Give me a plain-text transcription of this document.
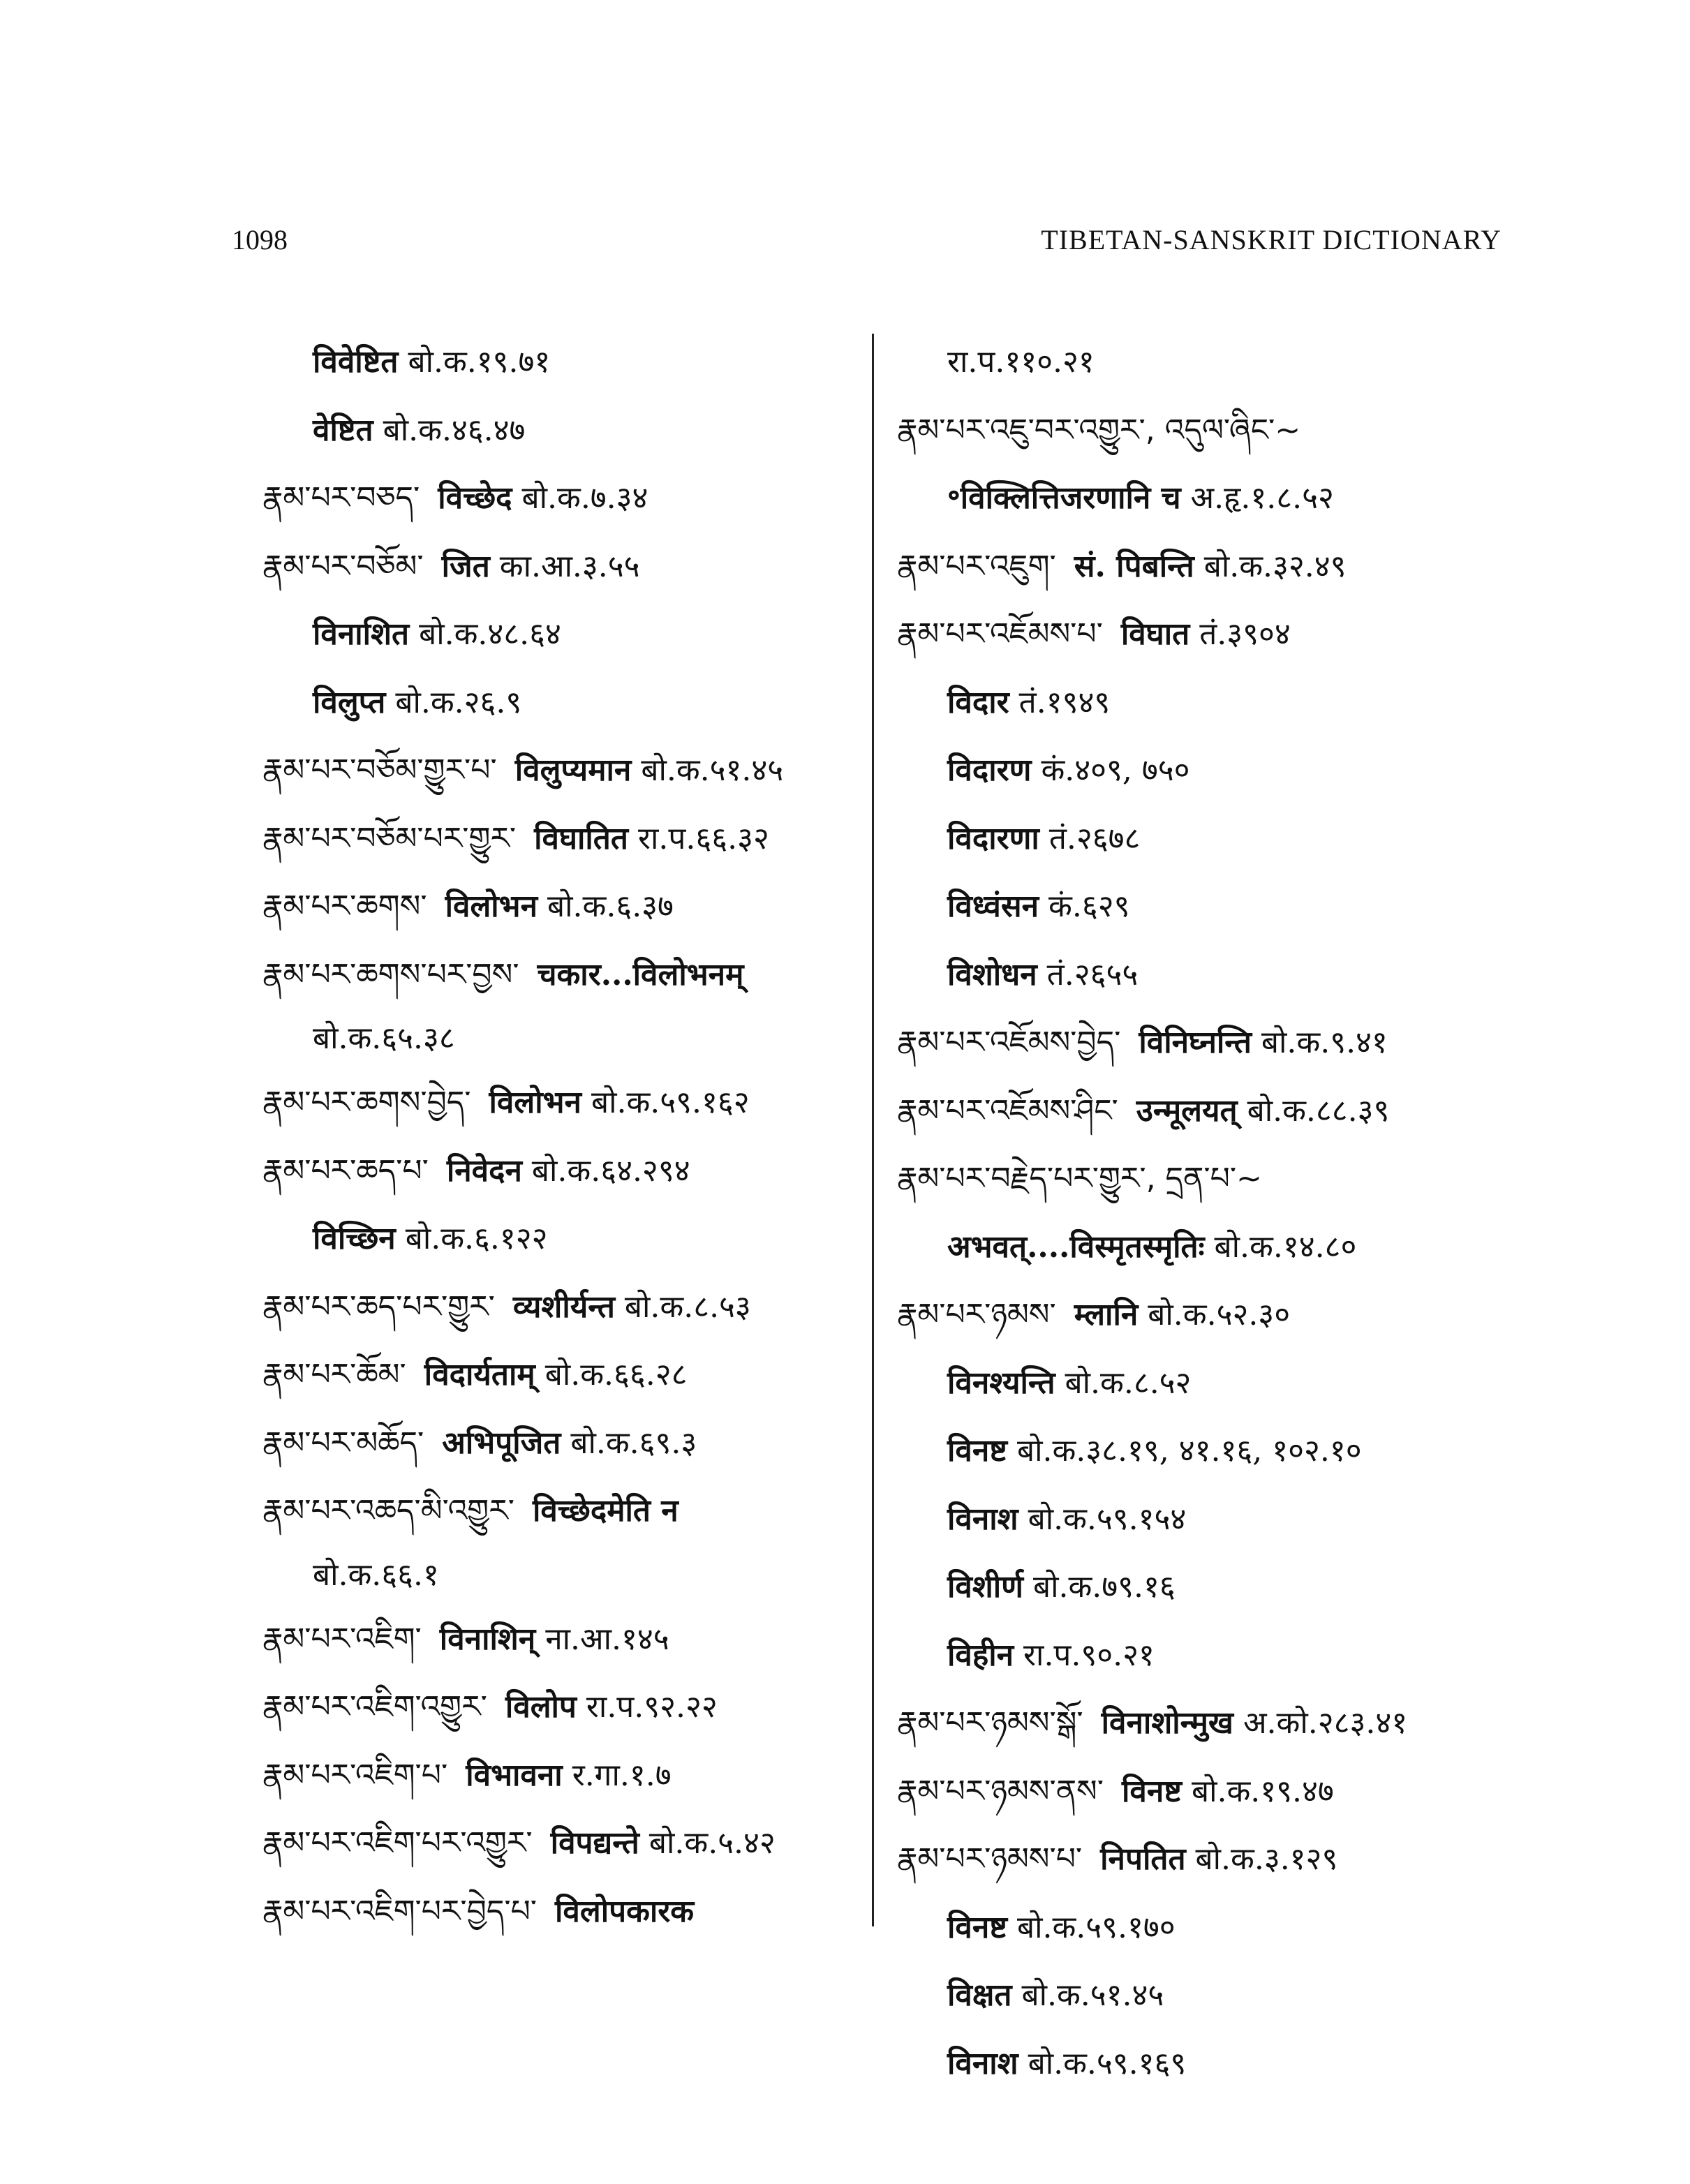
1098	TIBETAN-SANSKRIT DICTIONARY
विवेष्टित बो.क.१९.७१
वेष्टित बो.क.४६.४७
རྣམ་པར་བཅད་ विच्छेद बो.क.७.३४
རྣམ་པར་བཅོམ་ जित का.आ.३.५५
विनाशित बो.क.४८.६४
विलुप्त बो.क.२६.९
རྣམ་པར་བཅོམ་གྱུར་པ་ विलुप्यमान बो.क.५१.४५
རྣམ་པར་བཅོམ་པར་གྱུར་ विघातित रा.प.६६.३२
རྣམ་པར་ཆགས་ विलोभन बो.क.६.३७
རྣམ་པར་ཆགས་པར་བྱས་ चकार...विलोभनम्
बो.क.६५.३८
རྣམ་པར་ཆགས་བྱེད་ विलोभन बो.क.५९.१६२
རྣམ་པར་ཆད་པ་ निवेदन बो.क.६४.२९४
विच्छिन बो.क.६.१२२
རྣམ་པར་ཆད་པར་གྱུར་ व्यशीर्यन्त बो.क.८.५३
རྣམ་པར་ཆོམ་ विदार्यताम् बो.क.६६.२८
རྣམ་པར་མཆོད་ अभिपूजित बो.क.६९.३
རྣམ་པར་འཆད་མི་འགྱུར་ विच्छेदमेति न
बो.क.६६.१
རྣམ་པར་འཇིག་ विनाशिन् ना.आ.१४५
རྣམ་པར་འཇིག་འགྱུར་ विलोप रा.प.९२.२२
རྣམ་པར་འཇིག་པ་ विभावना र.गा.१.७
རྣམ་པར་འཇིག་པར་འགྱུར་ विपद्यन्ते बो.क.५.४२
རྣམ་པར་འཇིག་པར་བྱེད་པ་ विलोपकारक
रा.प.११०.२१
རྣམ་པར་འཇུ་བར་འགྱུར་, འདུལ་ཞིང་~
॰विक्लित्तिजरणानि च अ.हृ.१.८.५२
རྣམ་པར་འཇུག་ सं. पिबन्ति बो.क.३२.४९
རྣམ་པར་འཇོམས་པ་ विघात तं.३९०४
विदार तं.१९४९
विदारण कं.४०९, ७५०
विदारणा तं.२६७८
विध्वंसन कं.६२९
विशोधन तं.२६५५
རྣམ་པར་འཇོམས་བྱེད་ विनिघ्नन्ति बो.क.९.४१
རྣམ་པར་འཇོམས་ཤིང་ उन्मूलयत् बो.क.८८.३९
རྣམ་པར་བརྗེད་པར་གྱུར་, དྲན་པ་~
अभवत्....विस्मृतस्मृतिः बो.क.१४.८०
རྣམ་པར་ཉམས་ म्लानि बो.क.५२.३०
विनश्यन्ति बो.क.८.५२
विनष्ट बो.क.३८.१९, ४१.१६, १०२.१०
विनाश बो.क.५९.१५४
विशीर्ण बो.क.७९.१६
विहीन रा.प.९०.२१
རྣམ་པར་ཉམས་སྒོ་ विनाशोन्मुख अ.को.२८३.४१
རྣམ་པར་ཉམས་ནས་ विनष्ट बो.क.१९.४७
རྣམ་པར་ཉམས་པ་ निपतित बो.क.३.१२९
विनष्ट बो.क.५९.१७०
विक्षत बो.क.५१.४५
विनाश बो.क.५९.१६९
